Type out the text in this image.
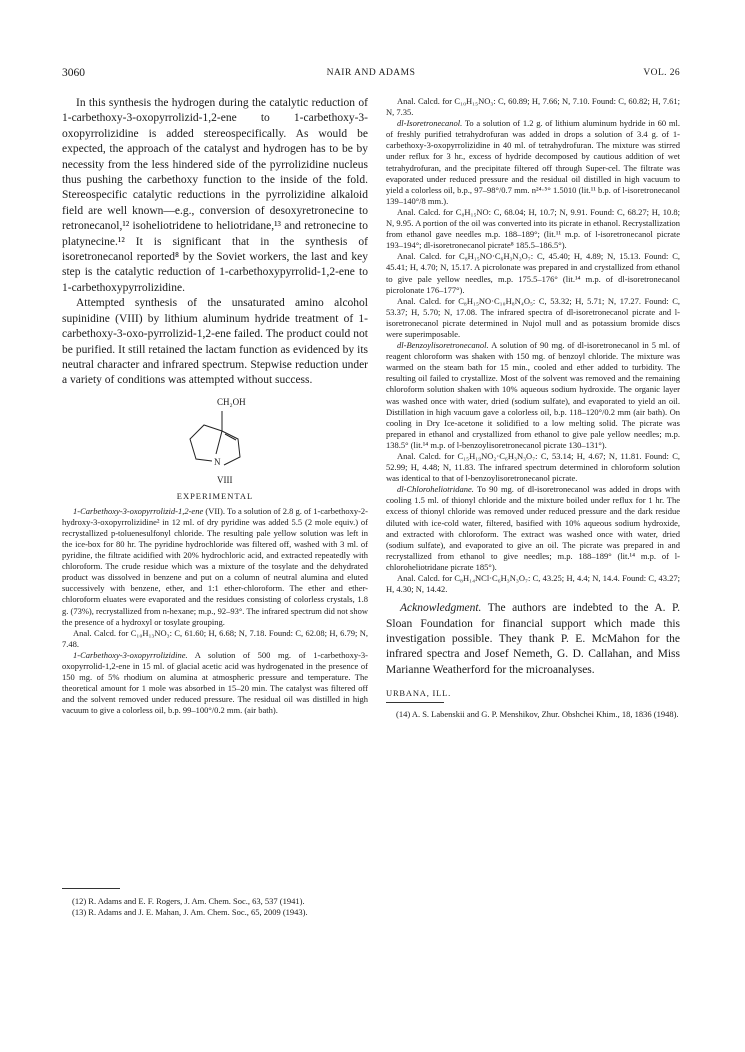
3060	NAIR AND ADAMS	VOL. 26

In this synthesis the hydrogen during the catalytic reduction of 1-carbethoxy-3-oxopyrrolizid-1,2-ene to 1-carbethoxy-3-oxopyrrolizidine is added stereospecifically. As would be expected, the approach of the catalyst and hydrogen has to be by necessity from the less hindered side of the pyrrolizidine nucleus thus pushing the carbethoxy function to the inside of the fold. Stereospecific catalytic reductions in the pyrrolizidine alkaloid field are well known—e.g., conversion of desoxyretronecine to retronecanol,¹² isoheliotridene to heliotridane,¹³ and retronecine to platynecine.¹² It is significant that in the synthesis of isoretronecanol reported⁸ by the Soviet workers, the last and key step is the catalytic reduction of 1-carbethoxypyrrolid-1,2-ene to 1-carbethoxypyrrolizidine.

Attempted synthesis of the unsaturated amino alcohol supinidine (VIII) by lithium aluminum hydride treatment of 1-carbethoxy-3-oxo-pyrrolizid-1,2-ene failed. The product could not be purified. It still retained the lactam function as evidenced by its neutral character and infrared spectrum. Stepwise reduction under a variety of conditions was attempted without success.

CH₂OH
N
VIII
EXPERIMENTAL

1-Carbethoxy-3-oxopyrrolizid-1,2-ene (VII). To a solution of 2.8 g. of 1-carbethoxy-2-hydroxy-3-oxopyrrolizidine² in 12 ml. of dry pyridine was added 5.5 (2 mole equiv.) of recrystallized p-toluenesulfonyl chloride. The resulting pale yellow solution was left in the ice-box for 80 hr. The pyridine hydrochloride was filtered off, washed with 3 ml. of pyridine, the filtrate acidified with 20% hydrochloric acid, and extracted repeatedly with chloroform. The crude residue which was a mixture of the tosylate and the dehydrated product was dissolved in benzene and put on a column of neutral alumina and eluted successively with benzene, ether, and 1:1 ether-chloroform. The ether and ether-chloroform eluates were evaporated and the residues consisting of colorless crystals, 1.8 g. (73%), recrystallized from n-hexane; m.p., 92–93°. The infrared spectrum did not show the presence of a hydroxyl or tosylate grouping.

Anal. Calcd. for C₁₀H₁₃NO₃: C, 61.60; H, 6.68; N, 7.18. Found: C, 62.08; H, 6.79; N, 7.48.

1-Carbethoxy-3-oxopyrrolizidine. A solution of 500 mg. of 1-carbethoxy-3-oxopyrrolid-1,2-ene in 15 ml. of glacial acetic acid was hydrogenated in the presence of 150 mg. of 5% rhodium on alumina at atmospheric pressure and temperature. The theoretical amount for 1 mole was absorbed in 15–20 min. The catalyst was filtered off and the solvent removed under reduced pressure. The residual oil was distilled in high vacuum to give a colorless oil, b.p. 99–100°/0.2 mm. (air bath).

(12) R. Adams and E. F. Rogers, J. Am. Chem. Soc., 63, 537 (1941).

(13) R. Adams and J. E. Mahan, J. Am. Chem. Soc., 65, 2009 (1943).

Anal. Calcd. for C₁₀H₁₅NO₃: C, 60.89; H, 7.66; N, 7.10. Found: C, 60.82; H, 7.61; N, 7.35.

dl-Isoretronecanol. To a solution of 1.2 g. of lithium aluminum hydride in 60 ml. of freshly purified tetrahydrofuran was added in drops a solution of 3.4 g. of 1-carbethoxy-3-oxopyrrolizidine in 40 ml. of tetrahydrofuran. The mixture was stirred under reflux for 3 hr., excess of hydride decomposed by cautious addition of wet tetrahydrofuran, and the precipitate filtered off through Super-cel. The filtrate was evaporated under reduced pressure and the residual oil distilled in high vacuum to yield a colorless oil, b.p., 97–98°/0.7 mm. n²⁴·⁵° 1.5010 (lit.¹¹ b.p. of l-isoretronecanol 139–140°/8 mm.).

Anal. Calcd. for C₈H₁₅NO: C, 68.04; H, 10.7; N, 9.91. Found: C, 68.27; H, 10.8; N, 9.95. A portion of the oil was converted into its picrate in ethanol. Recrystallization from ethanol gave needles m.p. 188–189°; (lit.¹¹ m.p. of l-isoretronecanol picrate 193–194°; dl-isoretronecanol picrate⁸ 185.5–186.5°).

Anal. Calcd. for C₈H₁₅NO·C₆H₃N₃O₇: C, 45.40; H, 4.89; N, 15.13. Found: C, 45.41; H, 4.70; N, 15.17. A picrolonate was prepared in and crystallized from ethanol to give pale yellow needles, m.p. 175.5–176° (lit.¹⁴ m.p. of dl-isoretronecanol picrolonate 176–177°).

Anal. Calcd. for C₈H₁₅NO·C₁₀H₈N₄O₅: C, 53.32; H, 5.71; N, 17.27. Found: C, 53.37; H, 5.70; N, 17.08. The infrared spectra of dl-isoretronecanol picrate and l-isoretronecanol picrate determined in Nujol mull and as potassium bromide discs were superimposable.

dl-Benzoylisoretronecanol. A solution of 90 mg. of dl-isoretronecanol in 5 ml. of reagent chloroform was shaken with 150 mg. of benzoyl chloride. The mixture was warmed on the steam bath for 15 min., cooled and ether added to turbidity. The resulting oil failed to crystallize. Most of the solvent was removed and the remaining chloroform solution shaken with 10% aqueous sodium hydroxide. The organic layer was washed once with water, dried (sodium sulfate), and evaporated to yield an oil. Distillation in high vacuum gave a colorless oil, b.p. 118–120°/0.2 mm (air bath). On cooling in Dry Ice-acetone it solidified to a low melting solid. The picrate was prepared in ethanol and crystallized from ethanol to give pale yellow needles; m.p. 138.5° (lit.¹⁴ m.p. of l-benzoylisoretronecanol picrate 130–131°).

Anal. Calcd. for C₁₅H₁₉NO₂·C₆H₃N₃O₇: C, 53.14; H, 4.67; N, 11.81. Found: C, 52.99; H, 4.48; N, 11.83. The infrared spectrum determined in chloroform solution was identical to that of l-benzoylisoretronecanol picrate.

dl-Chloroheliotridane. To 90 mg. of dl-isoretronecanol was added in drops with cooling 1.5 ml. of thionyl chloride and the mixture boiled under reflux for 1 hr. The excess of thionyl chloride was removed under reduced pressure and the dark residue diluted with ice-cold water, filtered, basified with 10% aqueous sodium hydroxide, and extracted with chloroform. The extract was washed once with water, dried (sodium sulfate), and evaporated to give an oil. The picrate was prepared in and recrystallized from ethanol to give needles; m.p. 188–189° (lit.¹⁴ m.p. of l-chloroheliotridane picrate 185°).

Anal. Calcd. for C₈H₁₄NCl·C₆H₃N₃O₇: C, 43.25; H, 4.4; N, 14.4. Found: C, 43.27; H, 4.30; N, 14.42.

Acknowledgment. The authors are indebted to the A. P. Sloan Foundation for financial support which made this investigation possible. They thank P. E. McMahon for the infrared spectra and Josef Nemeth, G. D. Callahan, and Miss Marianne Weatherford for the microanalyses.

URBANA, ILL.

(14) A. S. Labenskii and G. P. Menshikov, Zhur. Obshchei Khim., 18, 1836 (1948).
